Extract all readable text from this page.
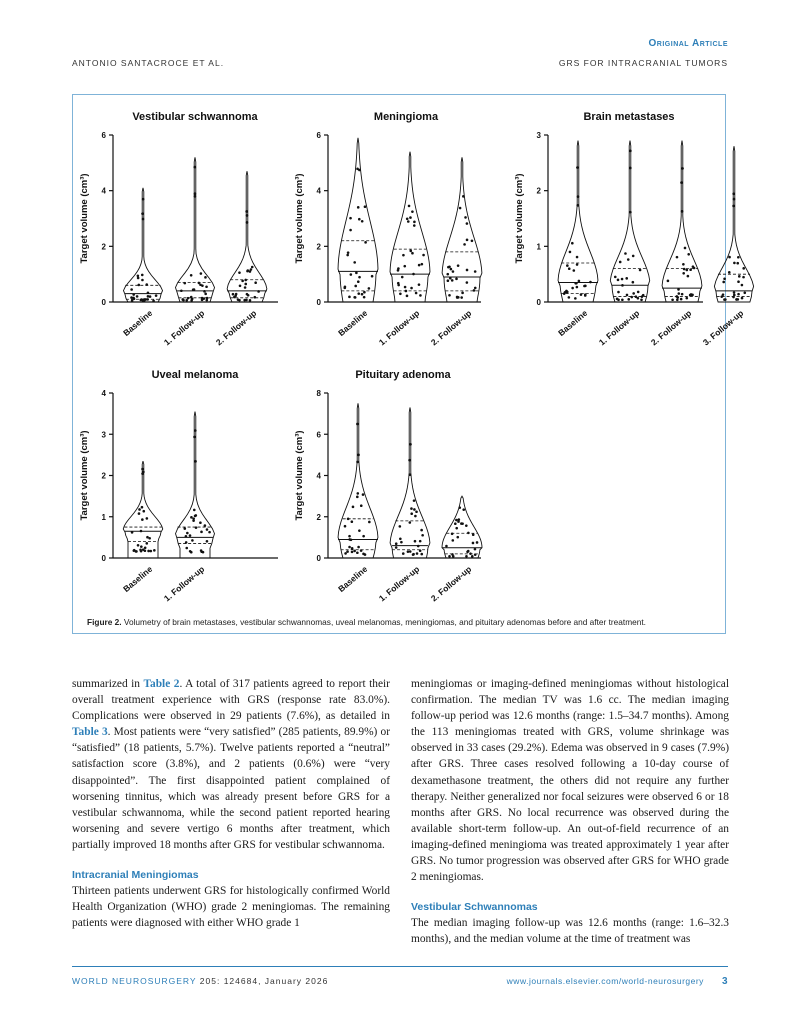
Original Article
ANTONIO SANTACROCE ET AL.	GRS FOR INTRACRANIAL TUMORS
Vestibular schwannoma
0
2
4
6
Target volume (cm³)
Baseline 1. Follow-up 2. Follow-up
Meningioma
0
2
4
6
Target volume (cm³)
Baseline 1. Follow-up 2. Follow-up
Brain metastases
0
1
2
3
Target volume (cm³)
Baseline 1. Follow-up 2. Follow-up 3. Follow-up
Uveal melanoma
0
1
2
3
4
Target volume (cm³)
Baseline 1. Follow-up
Pituitary adenoma
0
2
4
6
8
Target volume (cm³)
Baseline 1. Follow-up 2. Follow-up
Figure 2. Volumetry of brain metastases, vestibular schwannomas, uveal melanomas, meningiomas, and pituitary adenomas before and after treatment.

summarized in Table 2. A total of 317 patients agreed to report their overall treatment experience with GRS (response rate 83.0%). Complications were observed in 29 patients (7.6%), as detailed in Table 3. Most patients were “very satisfied” (285 patients, 89.9%) or “satisfied” (18 patients, 5.7%). Twelve patients reported a “neutral” satisfaction score (3.8%), and 2 patients (0.6%) were “very disappointed”. The first disappointed patient complained of worsening tinnitus, which was already present before GRS for a vestibular schwannoma, while the second patient reported hearing worsening and severe vertigo 6 months after treatment, which partially improved 18 months after GRS for vestibular schwannoma.

Intracranial Meningiomas

Thirteen patients underwent GRS for histologically confirmed World Health Organization (WHO) grade 2 meningiomas. The remaining patients were diagnosed with either WHO grade 1

meningiomas or imaging-defined meningiomas without histological confirmation. The median TV was 1.6 cc. The median imaging follow-up period was 12.6 months (range: 1.5–34.7 months). Among the 113 meningiomas treated with GRS, volume shrinkage was observed in 33 cases (29.2%). Edema was observed in 9 cases (7.9%) after GRS. Three cases resolved following a 10-day course of dexamethasone treatment, the others did not require any further therapy. Neither generalized nor focal seizures were observed 6 or 18 months after GRS. No local recurrence was observed during the available short-term follow-up. An out-of-field recurrence of an imaging-defined meningioma was treated approximately 1 year after GRS. No tumor progression was observed after GRS for WHO grade 2 meningiomas.

Vestibular Schwannomas

The median imaging follow-up was 12.6 months (range: 1.6–32.3 months), and the median volume at the time of treatment was

WORLD NEUROSURGERY 205: 124684, January 2026	www.journals.elsevier.com/world-neurosurgery 3
